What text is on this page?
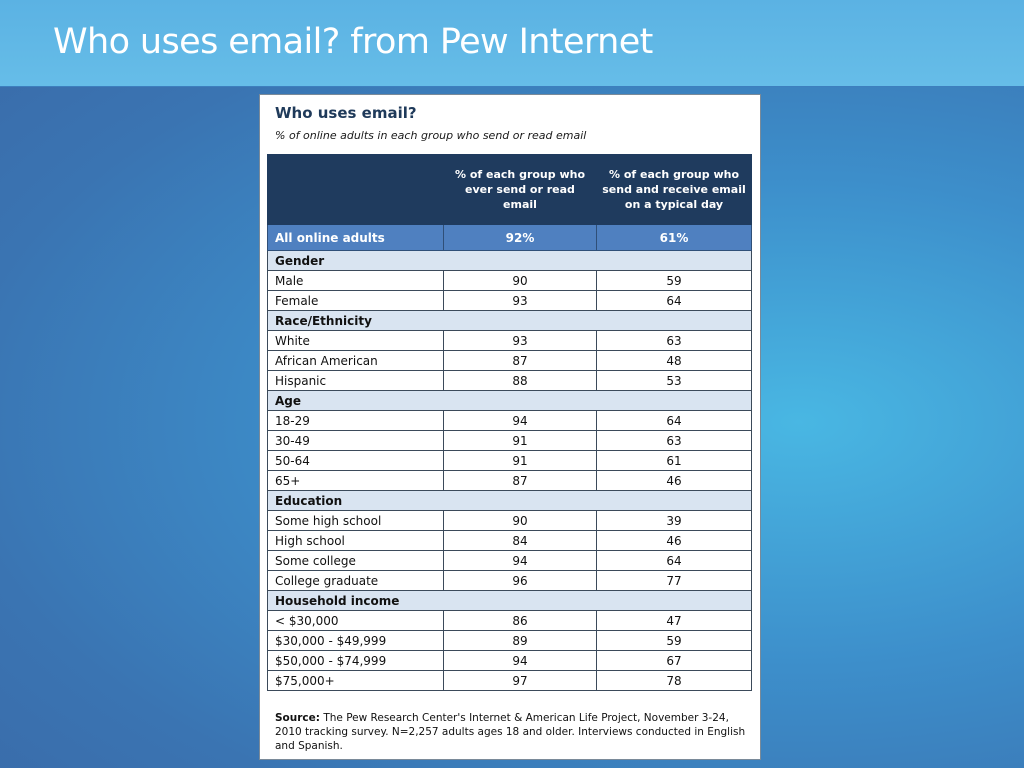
Who uses email? from Pew Internet
Who uses email?
% of online adults in each group who send or read email
	% of each group who ever send or read email	% of each group who send and receive email on a typical day
All online adults	92%	61%
Gender		
Male	90	59
Female	93	64
Race/Ethnicity		
White	93	63
African American	87	48
Hispanic	88	53
Age		
18-29	94	64
30-49	91	63
50-64	91	61
65+	87	46
Education		
Some high school	90	39
High school	84	46
Some college	94	64
College graduate	96	77
Household income		
< $30,000	86	47
$30,000 - $49,999	89	59
$50,000 - $74,999	94	67
$75,000+	97	78
Source: The Pew Research Center's Internet & American Life Project, November 3-24, 2010 tracking survey. N=2,257 adults ages 18 and older. Interviews conducted in English and Spanish.
